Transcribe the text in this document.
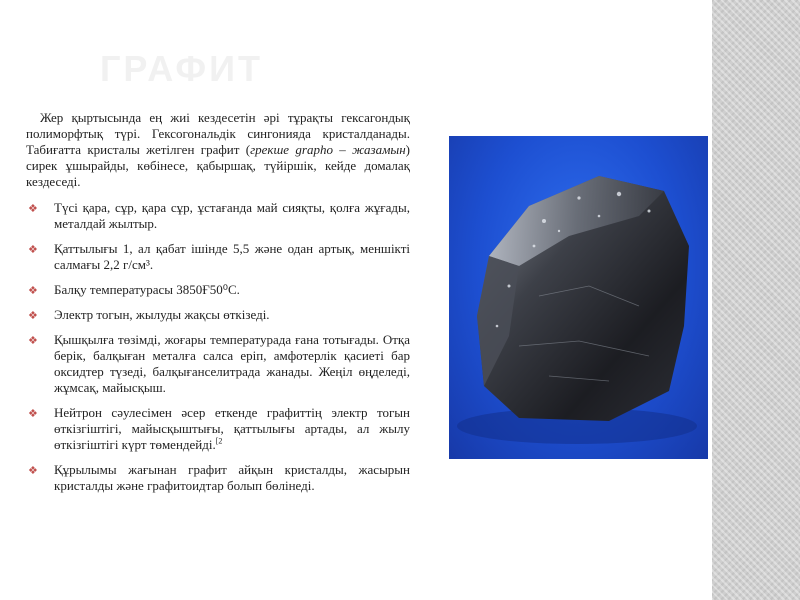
ГРАФИТ

Жер қыртысында ең жиі кездесетін әрі тұрақты гексагондық полиморфтық түрі. Гексогональдік сингонияда кристалданады. Табиғатта кристалы жетілген графит (грекше graрho – жазамын) сирек ұшырайды, көбінесе, қабыршақ, түйіршік, кейде домалақ кездеседі.

❖ Түсі қара, сұр, қара сұр, ұстағанда май сияқты, қолға жұғады, металдай жылтыр.
❖ Қаттылығы 1, ал қабат ішінде 5,5 және одан артық, меншікті салмағы 2,2 г/см³.
❖ Балқу температурасы 3850Ғ50⁰С.
❖ Электр тогын, жылуды жақсы өткізеді.
❖ Қышқылға төзімді, жоғары температурада ғана тотығады. Отқа берік, балқыған металға салса еріп, амфотерлік қасиеті бар оксидтер түзеді, балқығанселитрада жанады. Жеңіл өңделеді, жұмсақ, майысқыш.
❖ Нейтрон сәулесімен әсер еткенде графиттің электр тогын өткізгіштігі, майысқыштығы, қаттылығы артады, ал жылу өткізгіштігі күрт төмендейді.$^{[2}$
❖ Құрылымы жағынан графит айқын кристалды, жасырын кристалды және графитоидтар болып бөлінеді.
